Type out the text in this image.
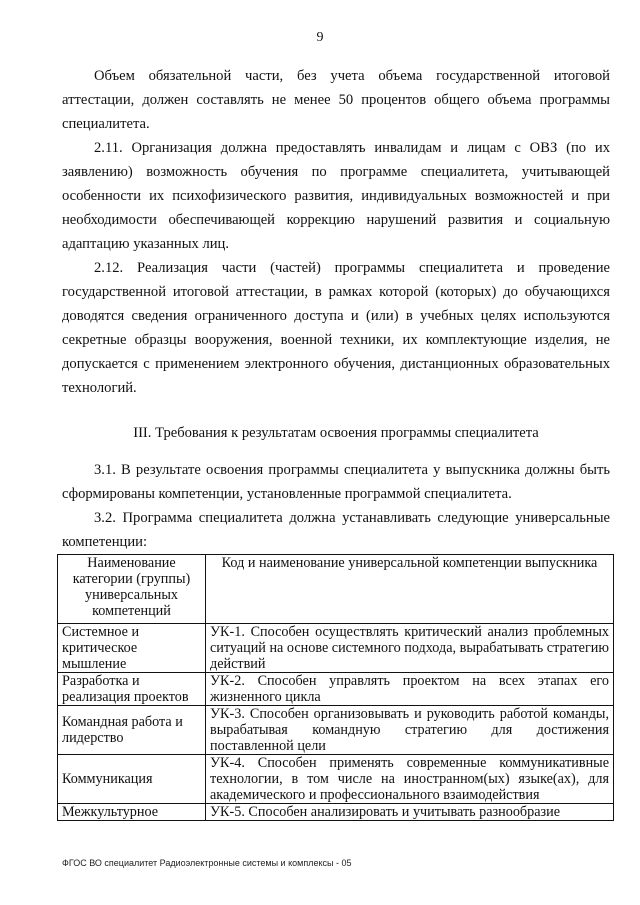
9
Объем обязательной части, без учета объема государственной итоговой аттестации, должен составлять не менее 50 процентов общего объема программы специалитета.
2.11. Организация должна предоставлять инвалидам и лицам с ОВЗ (по их заявлению) возможность обучения по программе специалитета, учитывающей особенности их психофизического развития, индивидуальных возможностей и при необходимости обеспечивающей коррекцию нарушений развития и социальную адаптацию указанных лиц.
2.12. Реализация части (частей) программы специалитета и проведение государственной итоговой аттестации, в рамках которой (которых) до обучающихся доводятся сведения ограниченного доступа и (или) в учебных целях используются секретные образцы вооружения, военной техники, их комплектующие изделия, не допускается с применением электронного обучения, дистанционных образовательных технологий.
III. Требования к результатам освоения программы специалитета
3.1. В результате освоения программы специалитета у выпускника должны быть сформированы компетенции, установленные программой специалитета.
3.2. Программа специалитета должна устанавливать следующие универсальные компетенции:
Наименование категории (группы) универсальных компетенций	Код и наименование универсальной компетенции выпускника
Системное и критическое мышление	УК-1. Способен осуществлять критический анализ проблемных ситуаций на основе системного подхода, вырабатывать стратегию действий
Разработка и реализация проектов	УК-2. Способен управлять проектом на всех этапах его жизненного цикла
Командная работа и лидерство	УК-3. Способен организовывать и руководить работой команды, вырабатывая командную стратегию для достижения поставленной цели
Коммуникация	УК-4. Способен применять современные коммуникативные технологии, в том числе на иностранном(ых) языке(ах), для академического и профессионального взаимодействия
Межкультурное	УК-5. Способен анализировать и учитывать разнообразие
ФГОС ВО специалитет Радиоэлектронные системы и комплексы - 05
